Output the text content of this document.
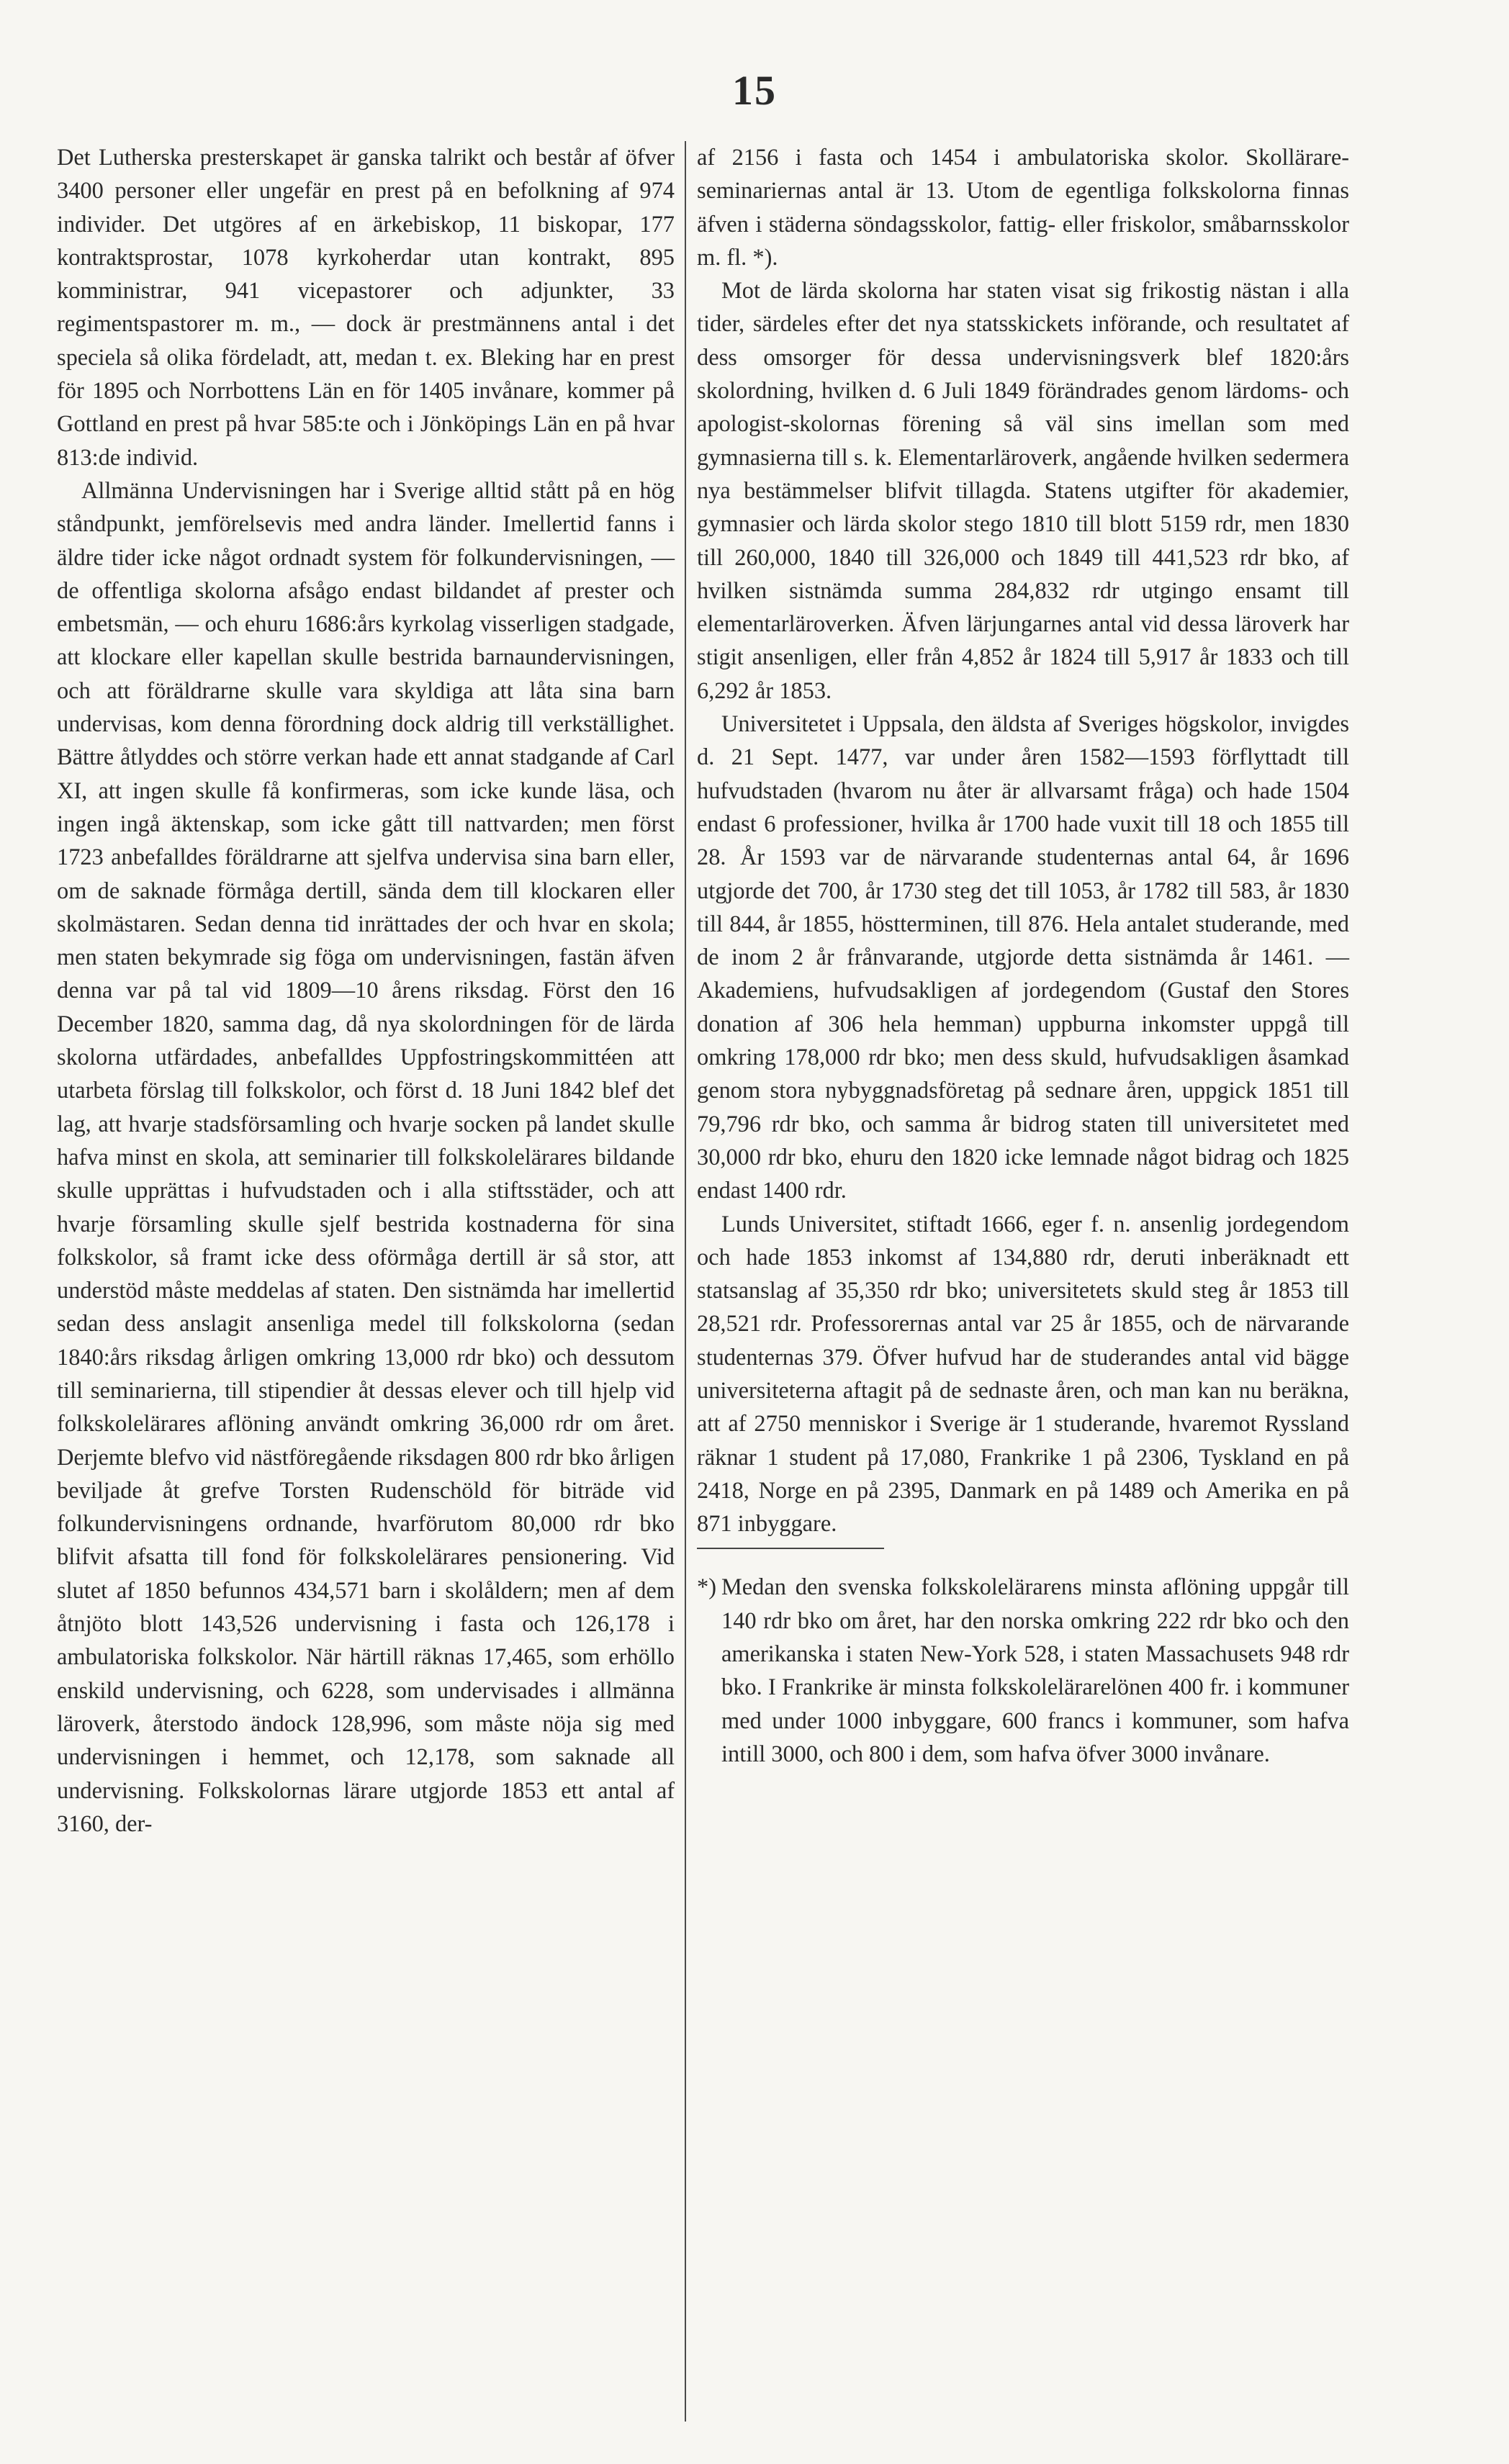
15

Det Lutherska presterskapet är ganska talrikt och består af öfver 3400 personer eller ungefär en prest på en befolkning af 974 individer. Det utgöres af en ärkebiskop, 11 biskopar, 177 kontraktsprostar, 1078 kyrkoherdar utan kontrakt, 895 komministrar, 941 vicepastorer och adjunkter, 33 regimentspastorer m. m., — dock är prestmännens antal i det speciela så olika fördeladt, att, medan t. ex. Bleking har en prest för 1895 och Norrbottens Län en för 1405 invånare, kommer på Gottland en prest på hvar 585:te och i Jönköpings Län en på hvar 813:de individ.

Allmänna Undervisningen har i Sverige alltid stått på en hög ståndpunkt, jemförelsevis med andra länder. Imellertid fanns i äldre tider icke något ordnadt system för folkundervisningen, — de offentliga skolorna afsågo endast bildandet af prester och embetsmän, — och ehuru 1686:års kyrkolag visserligen stadgade, att klockare eller kapellan skulle bestrida barnaundervisningen, och att föräldrarne skulle vara skyldiga att låta sina barn undervisas, kom denna förordning dock aldrig till verkställighet. Bättre åtlyddes och större verkan hade ett annat stadgande af Carl XI, att ingen skulle få konfirmeras, som icke kunde läsa, och ingen ingå äktenskap, som icke gått till nattvarden; men först 1723 anbefalldes föräldrarne att sjelfva undervisa sina barn eller, om de saknade förmåga dertill, sända dem till klockaren eller skolmästaren. Sedan denna tid inrättades der och hvar en skola; men staten bekymrade sig föga om undervisningen, fastän äfven denna var på tal vid 1809—10 årens riksdag. Först den 16 December 1820, samma dag, då nya skolordningen för de lärda skolorna utfärdades, anbefalldes Uppfostringskommittéen att utarbeta förslag till folkskolor, och först d. 18 Juni 1842 blef det lag, att hvarje stadsförsamling och hvarje socken på landet skulle hafva minst en skola, att seminarier till folkskolelärares bildande skulle upprättas i hufvudstaden och i alla stiftsstäder, och att hvarje församling skulle sjelf bestrida kostnaderna för sina folkskolor, så framt icke dess oförmåga dertill är så stor, att understöd måste meddelas af staten. Den sistnämda har imellertid sedan dess anslagit ansenliga medel till folkskolorna (sedan 1840:års riksdag årligen omkring 13,000 rdr bko) och dessutom till seminarierna, till stipendier åt dessas elever och till hjelp vid folkskolelärares aflöning användt omkring 36,000 rdr om året. Derjemte blefvo vid nästföregående riksdagen 800 rdr bko årligen beviljade åt grefve Torsten Rudenschöld för biträde vid folkundervisningens ordnande, hvarförutom 80,000 rdr bko blifvit afsatta till fond för folkskolelärares pensionering. Vid slutet af 1850 befunnos 434,571 barn i skolåldern; men af dem åtnjöto blott 143,526 undervisning i fasta och 126,178 i ambulatoriska folkskolor. När härtill räknas 17,465, som erhöllo enskild undervisning, och 6228, som undervisades i allmänna läroverk, återstodo ändock 128,996, som måste nöja sig med undervisningen i hemmet, och 12,178, som saknade all undervisning. Folkskolornas lärare utgjorde 1853 ett antal af 3160, der-

af 2156 i fasta och 1454 i ambulatoriska skolor. Skollärare-seminariernas antal är 13. Utom de egentliga folkskolorna finnas äfven i städerna söndagsskolor, fattig- eller friskolor, småbarnsskolor m. fl. *).

Mot de lärda skolorna har staten visat sig frikostig nästan i alla tider, särdeles efter det nya statsskickets införande, och resultatet af dess omsorger för dessa undervisningsverk blef 1820:års skolordning, hvilken d. 6 Juli 1849 förändrades genom lärdoms- och apologist-skolornas förening så väl sins imellan som med gymnasierna till s. k. Elementarläroverk, angående hvilken sedermera nya bestämmelser blifvit tillagda. Statens utgifter för akademier, gymnasier och lärda skolor stego 1810 till blott 5159 rdr, men 1830 till 260,000, 1840 till 326,000 och 1849 till 441,523 rdr bko, af hvilken sistnämda summa 284,832 rdr utgingo ensamt till elementarläroverken. Äfven lärjungarnes antal vid dessa läroverk har stigit ansenligen, eller från 4,852 år 1824 till 5,917 år 1833 och till 6,292 år 1853.

Universitetet i Uppsala, den äldsta af Sveriges högskolor, invigdes d. 21 Sept. 1477, var under åren 1582—1593 förflyttadt till hufvudstaden (hvarom nu åter är allvarsamt fråga) och hade 1504 endast 6 professioner, hvilka år 1700 hade vuxit till 18 och 1855 till 28. År 1593 var de närvarande studenternas antal 64, år 1696 utgjorde det 700, år 1730 steg det till 1053, år 1782 till 583, år 1830 till 844, år 1855, höstterminen, till 876. Hela antalet studerande, med de inom 2 år frånvarande, utgjorde detta sistnämda år 1461. — Akademiens, hufvudsakligen af jordegendom (Gustaf den Stores donation af 306 hela hemman) uppburna inkomster uppgå till omkring 178,000 rdr bko; men dess skuld, hufvudsakligen åsamkad genom stora nybyggnadsföretag på sednare åren, uppgick 1851 till 79,796 rdr bko, och samma år bidrog staten till universitetet med 30,000 rdr bko, ehuru den 1820 icke lemnade något bidrag och 1825 endast 1400 rdr.

Lunds Universitet, stiftadt 1666, eger f. n. ansenlig jordegendom och hade 1853 inkomst af 134,880 rdr, deruti inberäknadt ett statsanslag af 35,350 rdr bko; universitetets skuld steg år 1853 till 28,521 rdr. Professorernas antal var 25 år 1855, och de närvarande studenternas 379. Öfver hufvud har de studerandes antal vid bägge universiteterna aftagit på de sednaste åren, och man kan nu beräkna, att af 2750 menniskor i Sverige är 1 studerande, hvaremot Ryssland räknar 1 student på 17,080, Frankrike 1 på 2306, Tyskland en på 2418, Norge en på 2395, Danmark en på 1489 och Amerika en på 871 inbyggare.

*) Medan den svenska folkskolelärarens minsta aflöning uppgår till 140 rdr bko om året, har den norska omkring 222 rdr bko och den amerikanska i staten New-York 528, i staten Massachusets 948 rdr bko. I Frankrike är minsta folkskolelärarelönen 400 fr. i kommuner med under 1000 inbyggare, 600 francs i kommuner, som hafva intill 3000, och 800 i dem, som hafva öfver 3000 invånare.
